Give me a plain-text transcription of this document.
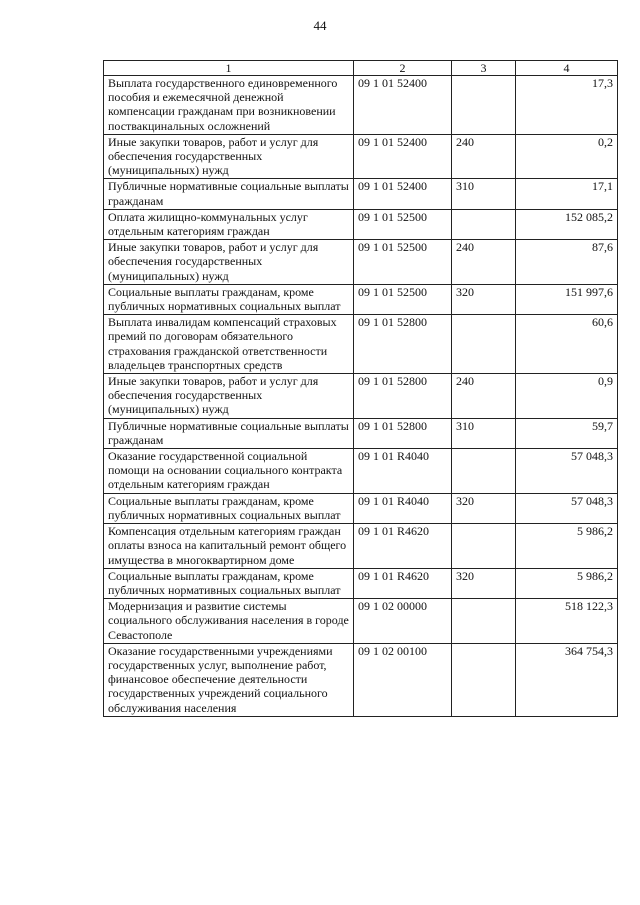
44
1	2	3	4
Выплата государственного единовременного пособия и ежемесячной денежной компенсации гражданам при возникновении поствакцинальных осложнений	09 1 01 52400		17,3
Иные закупки товаров, работ и услуг для обеспечения государственных (муниципальных) нужд	09 1 01 52400	240	0,2
Публичные нормативные социальные выплаты гражданам	09 1 01 52400	310	17,1
Оплата жилищно-коммунальных услуг отдельным категориям граждан	09 1 01 52500		152 085,2
Иные закупки товаров, работ и услуг для обеспечения государственных (муниципальных) нужд	09 1 01 52500	240	87,6
Социальные выплаты гражданам, кроме публичных нормативных социальных выплат	09 1 01 52500	320	151 997,6
Выплата инвалидам компенсаций страховых премий по договорам обязательного страхования гражданской ответственности владельцев транспортных средств	09 1 01 52800		60,6
Иные закупки товаров, работ и услуг для обеспечения государственных (муниципальных) нужд	09 1 01 52800	240	0,9
Публичные нормативные социальные выплаты гражданам	09 1 01 52800	310	59,7
Оказание государственной социальной помощи на основании социального контракта отдельным категориям граждан	09 1 01 R4040		57 048,3
Социальные выплаты гражданам, кроме публичных нормативных социальных выплат	09 1 01 R4040	320	57 048,3
Компенсация отдельным категориям граждан оплаты взноса на капитальный ремонт общего имущества в многоквартирном доме	09 1 01 R4620		5 986,2
Социальные выплаты гражданам, кроме публичных нормативных социальных выплат	09 1 01 R4620	320	5 986,2
Модернизация и развитие системы социального обслуживания населения в городе Севастополе	09 1 02 00000		518 122,3
Оказание государственными учреждениями государственных услуг, выполнение работ, финансовое обеспечение деятельности государственных учреждений социального обслуживания населения	09 1 02 00100		364 754,3
